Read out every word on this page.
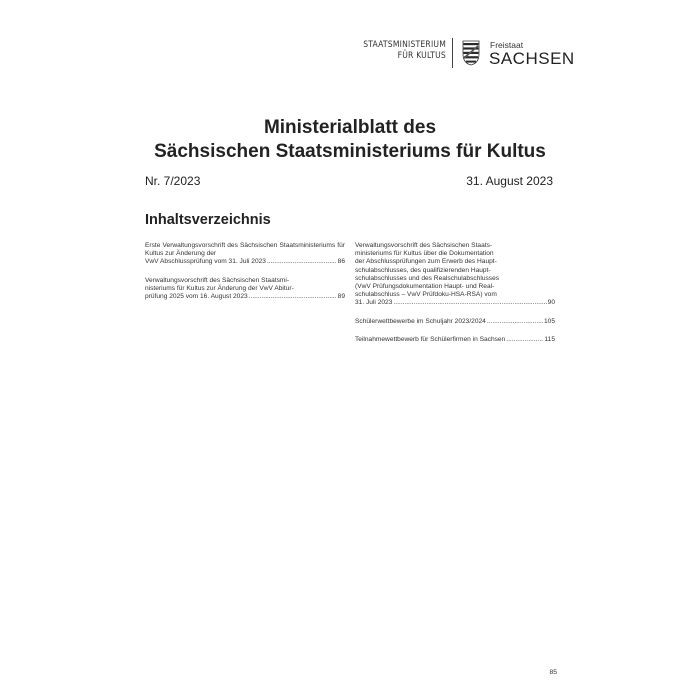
STAATSMINISTERIUM
FÜR KULTUS
Freistaat
SACHSEN
Ministerialblatt des
Sächsischen Staatsministeriums für Kultus
Nr. 7/2023	31. August 2023
Inhaltsverzeichnis
Erste Verwaltungsvorschrift des Sächsischen Staatsministeriums für Kultus zur Änderung der
VwV Abschlussprüfung vom 31. Juli 2023 .....	86
Verwaltungsvorschrift des Sächsischen Staatsmi-
nisteriums für Kultus zur Änderung der VwV Abitur-
prüfung 2025 vom 16. August 2023 .....	89
Verwaltungsvorschrift des Sächsischen Staats-
ministeriums für Kultus über die Dokumentation
der Abschlussprüfungen zum Erwerb des Haupt-
schulabschlusses, des qualifizierenden Haupt-
schulabschlusses und des Realschulabschlusses
(VwV Prüfungsdokumentation Haupt- und Real-
schulabschluss – VwV Prüfdoku-HSA-RSA) vom
31. Juli 2023 .....	90
Schülerwettbewerbe im Schuljahr 2023/2024 .....	105
Teilnahmewettbewerb für Schülerfirmen in Sachsen .....	115
85
